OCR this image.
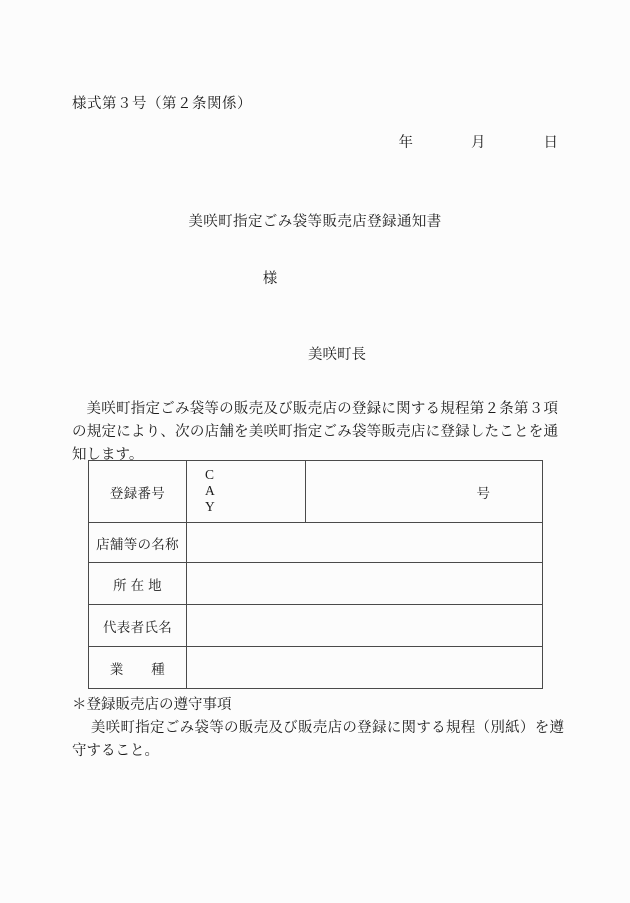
様式第３号（第２条関係）
年　　　　月　　　　日
美咲町指定ごみ袋等販売店登録通知書
様
美咲町長
美咲町指定ごみ袋等の販売及び販売店の登録に関する規程第２条第３項の規定により、次の店舗を美咲町指定ごみ袋等販売店に登録したことを通知します。
登録番号	C
A
Y	号
店舗等の名称		
所 在 地		
代表者氏名		
業　　種		
＊登録販売店の遵守事項
美咲町指定ごみ袋等の販売及び販売店の登録に関する規程（別紙）を遵守すること。
